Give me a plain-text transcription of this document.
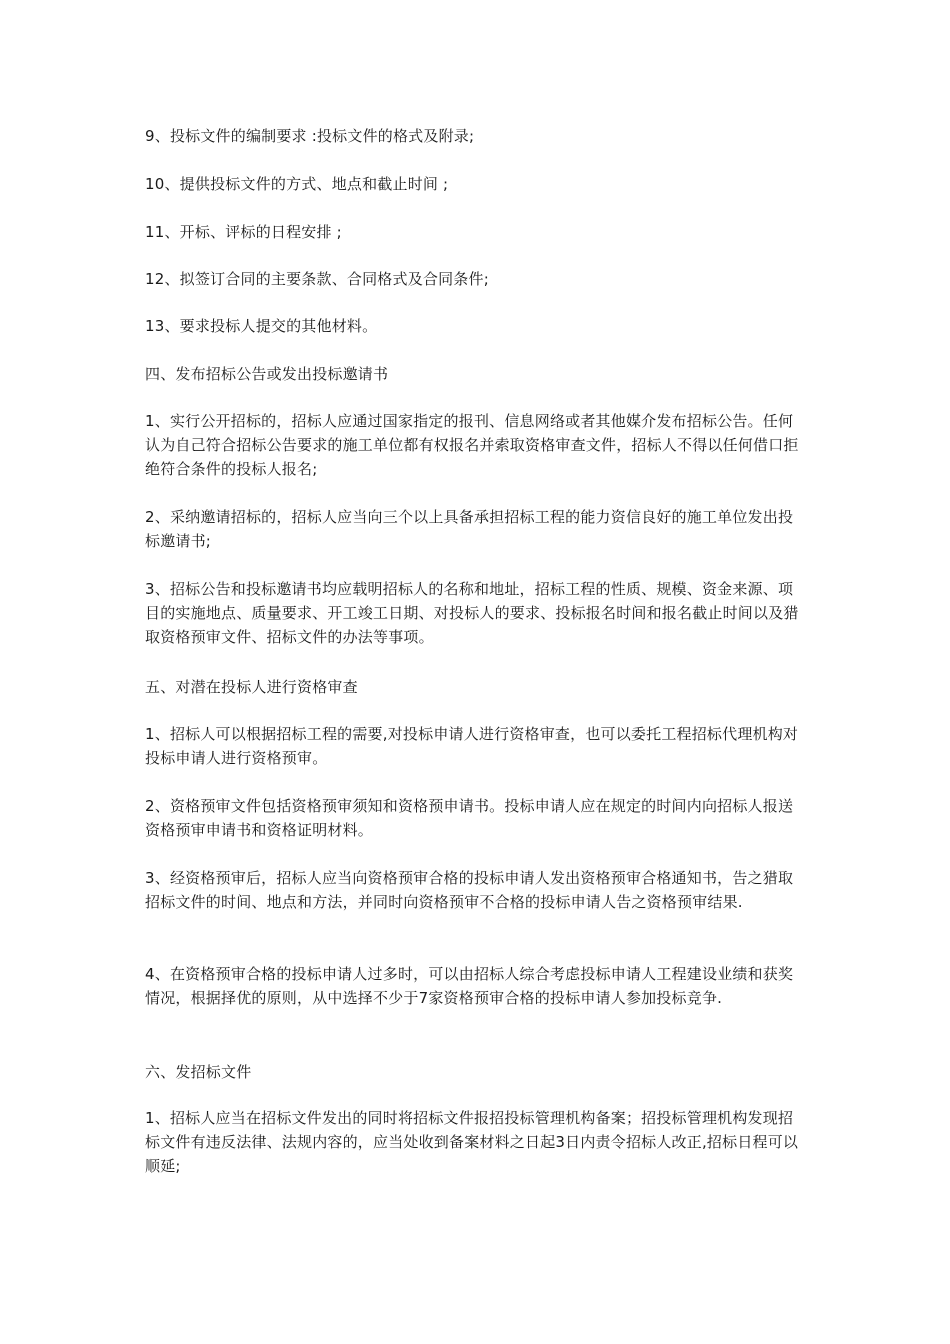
9、投标文件的编制要求 :投标文件的格式及附录;

10、提供投标文件的方式、地点和截止时间 ;

11、开标、评标的日程安排 ;

12、拟签订合同的主要条款、合同格式及合同条件;

13、要求投标人提交的其他材料。

四、发布招标公告或发出投标邀请书

1、实行公开招标的，招标人应通过国家指定的报刊、信息网络或者其他媒介发布招标公告。任何认为自己符合招标公告要求的施工单位都有权报名并索取资格审查文件，招标人不得以任何借口拒绝符合条件的投标人报名;

2、采纳邀请招标的，招标人应当向三个以上具备承担招标工程的能力资信良好的施工单位发出投标邀请书;

3、招标公告和投标邀请书均应载明招标人的名称和地址，招标工程的性质、规模、资金来源、项目的实施地点、质量要求、开工竣工日期、对投标人的要求、投标报名时间和报名截止时间以及猎取资格预审文件、招标文件的办法等事项。

五、对潜在投标人进行资格审查

1、招标人可以根据招标工程的需要,对投标申请人进行资格审查，也可以委托工程招标代理机构对投标申请人进行资格预审。

2、资格预审文件包括资格预审须知和资格预申请书。投标申请人应在规定的时间内向招标人报送资格预审申请书和资格证明材料。

3、经资格预审后，招标人应当向资格预审合格的投标申请人发出资格预审合格通知书，告之猎取招标文件的时间、地点和方法，并同时向资格预审不合格的投标申请人告之资格预审结果.

4、在资格预审合格的投标申请人过多时，可以由招标人综合考虑投标申请人工程建设业绩和获奖情况，根据择优的原则，从中选择不少于7家资格预审合格的投标申请人参加投标竞争.

六、发招标文件

1、招标人应当在招标文件发出的同时将招标文件报招投标管理机构备案；招投标管理机构发现招标文件有违反法律、法规内容的，应当处收到备案材料之日起3日内责令招标人改正,招标日程可以顺延;
